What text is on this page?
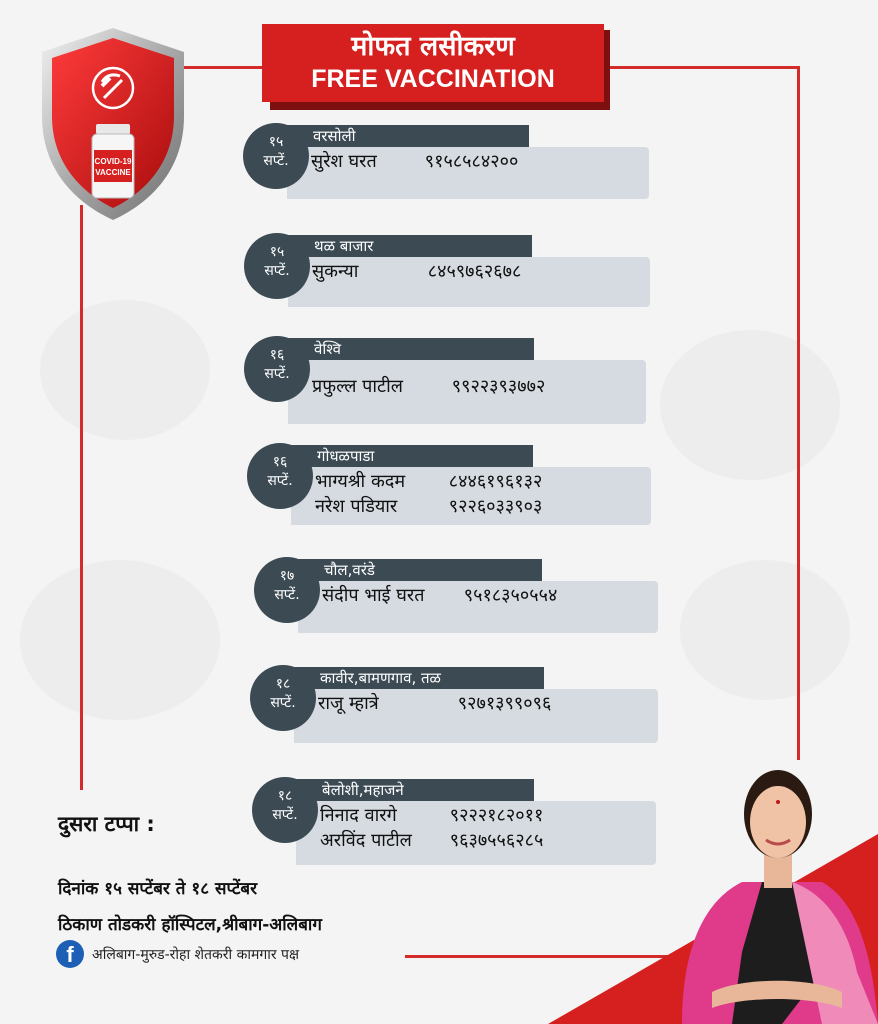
मोफत लसीकरण
FREE VACCINATION
COVID-19
VACCINE
१५
सप्टें.
वरसोली
सुरेश घरत	९१५८५८४२००
१५
सप्टें.
थळ बाजार
सुकन्या	८४५९७६२६७८
१६
सप्टें.
वेश्वि
प्रफुल्ल पाटील	९९२२३९३७७२
१६
सप्टें.
गोधळपाडा
भाग्यश्री कदम ८४४६१९६१३२
नरेश पडियार	९२२६०३३९०३
१७
सप्टें.
चौल,वरंडे
संदीप भाई घरत ९५१८३५०५५४
१८
सप्टें.
कावीर,बामणगाव, तळ
राजू म्हात्रे	९२७१३९९०९६
१८
सप्टें.
बेलोशी,महाजने
निनाद वारगे	९२२२१८२०११
अरविंद पाटील ९६३७५५६२८५
दुसरा टप्पा :
दिनांक १५ सप्टेंबर ते १८ सप्टेंबर
ठिकाण तोडकरी हॉस्पिटल,श्रीबाग-अलिबाग
f	अलिबाग-मुरुड-रोहा शेतकरी कामगार पक्ष
